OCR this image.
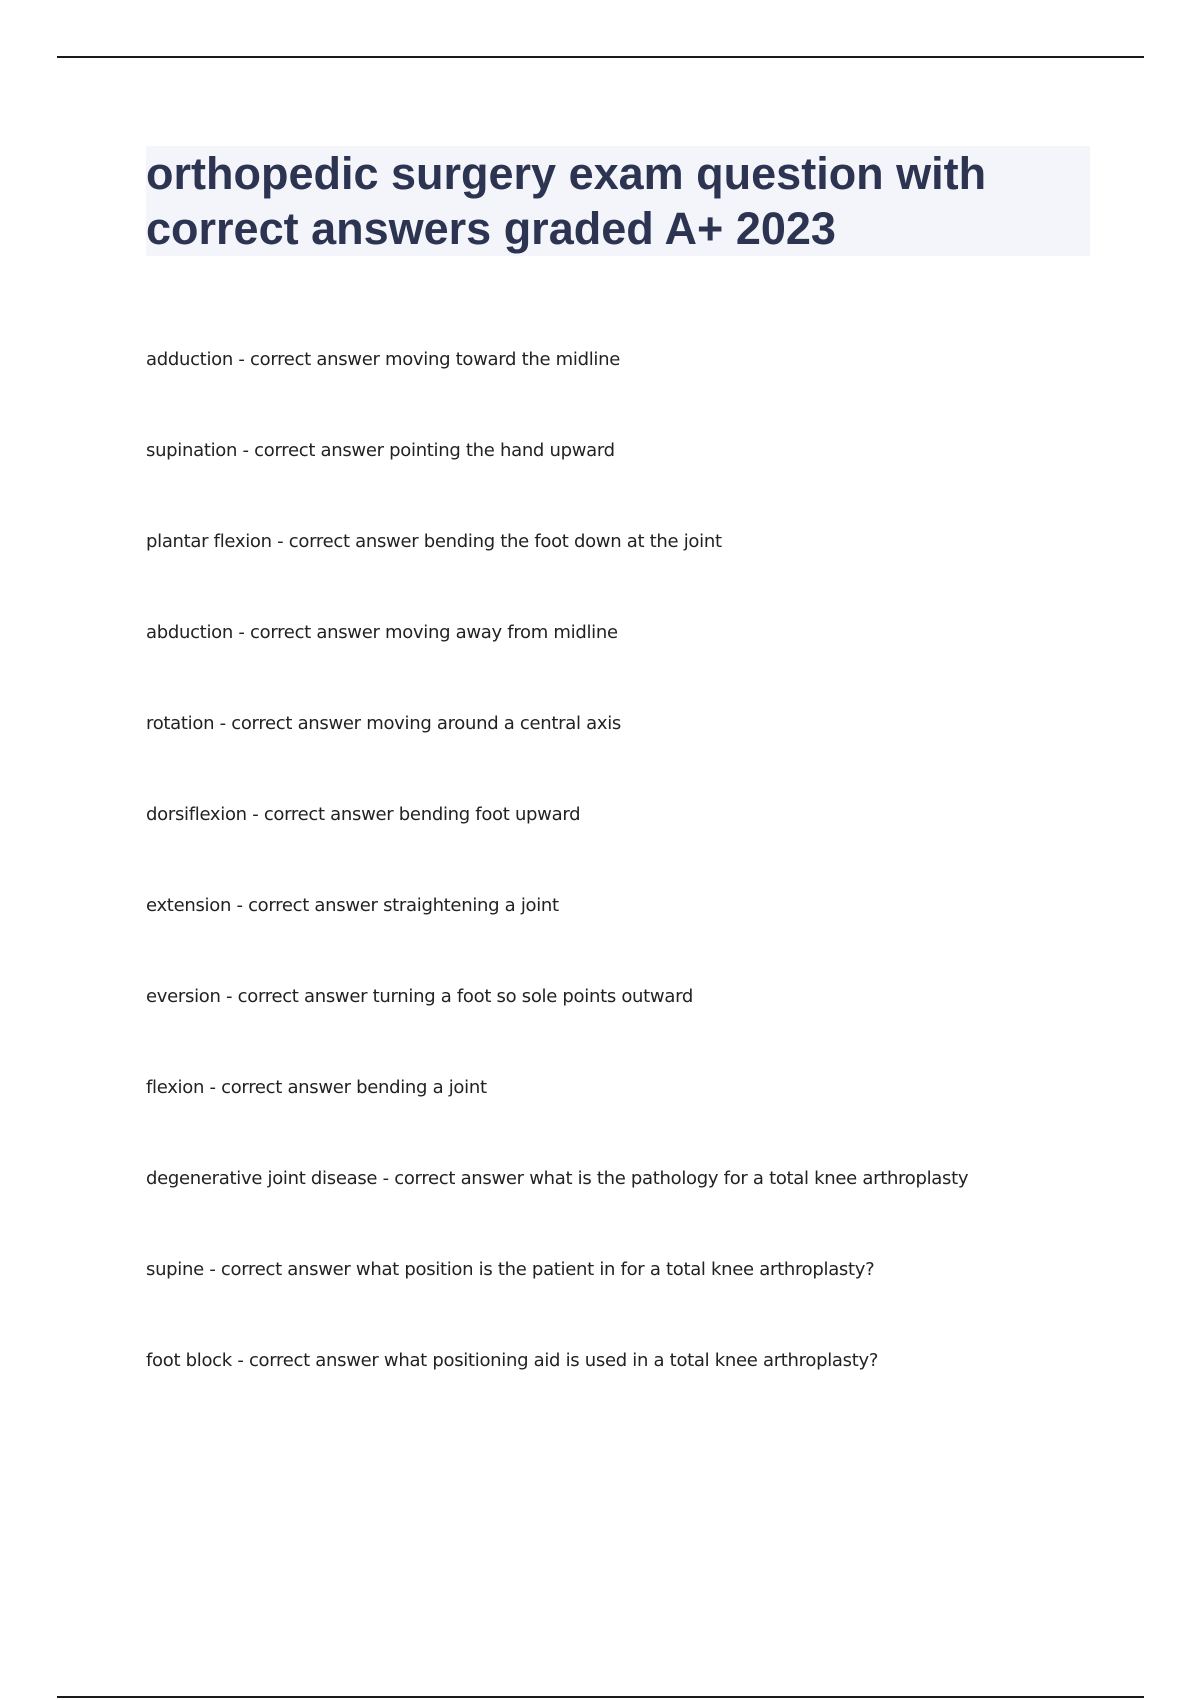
orthopedic surgery exam question with
correct answers graded A+ 2023
adduction - correct answer moving toward the midline
supination - correct answer pointing the hand upward
plantar flexion - correct answer bending the foot down at the joint
abduction - correct answer moving away from midline
rotation - correct answer moving around a central axis
dorsiflexion - correct answer bending foot upward
extension - correct answer straightening a joint
eversion - correct answer turning a foot so sole points outward
flexion - correct answer bending a joint
degenerative joint disease - correct answer what is the pathology for a total knee arthroplasty
supine - correct answer what position is the patient in for a total knee arthroplasty?
foot block - correct answer what positioning aid is used in a total knee arthroplasty?
